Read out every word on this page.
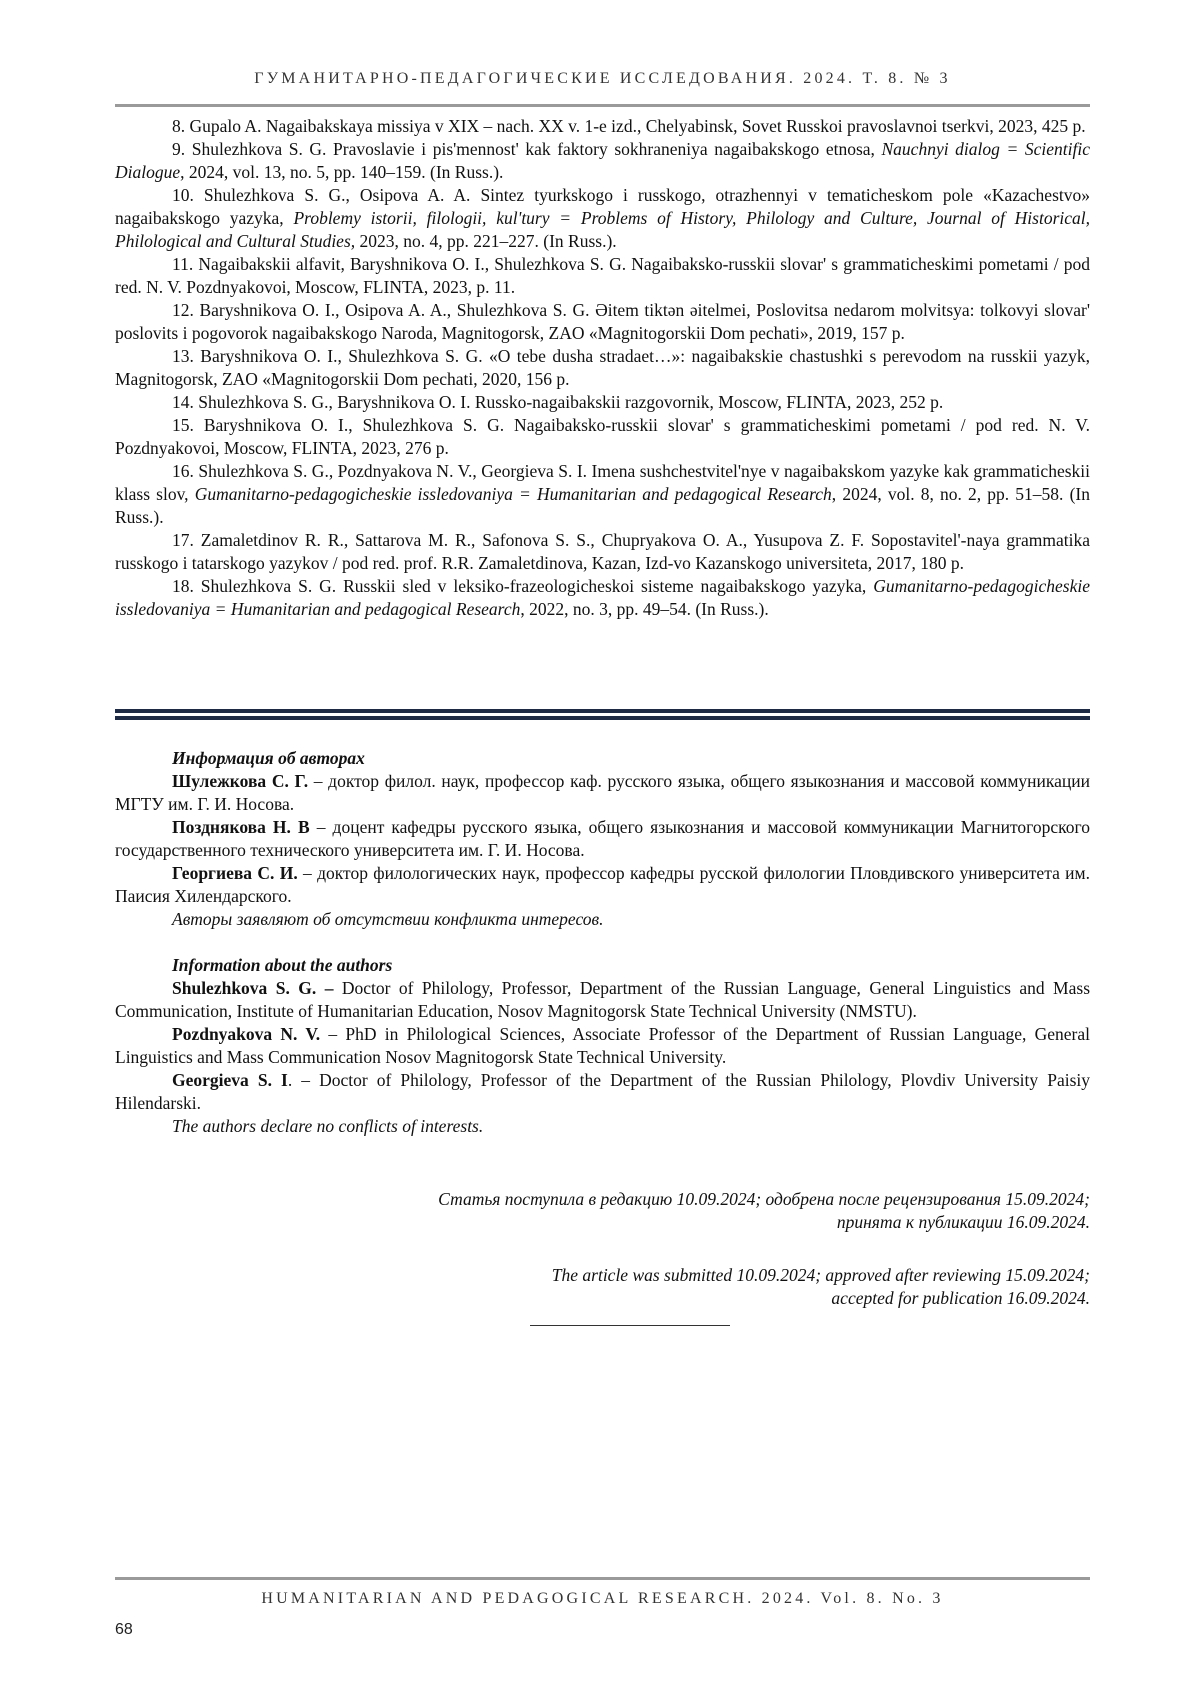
ГУМАНИТАРНО-ПЕДАГОГИЧЕСКИЕ ИССЛЕДОВАНИЯ. 2024. Т. 8. № 3

8. Gupalo A. Nagaibakskaya missiya v XIX – nach. XX v. 1-e izd., Chelyabinsk, Sovet Russkoi pravoslavnoi tserkvi, 2023, 425 p.

9. Shulezhkova S. G. Pravoslavie i pis'mennost' kak faktory sokhraneniya nagaibakskogo etnosa, Nauchnyi dialog = Scientific Dialogue, 2024, vol. 13, no. 5, pp. 140–159. (In Russ.).

10. Shulezhkova S. G., Osipova A. A. Sintez tyurkskogo i russkogo, otrazhennyi v tematicheskom pole «Kazachestvo» nagaibakskogo yazyka, Problemy istorii, filologii, kul'tury = Problems of History, Philology and Culture, Journal of Historical, Philological and Cultural Studies, 2023, no. 4, pp. 221–227. (In Russ.).

11. Nagaibakskii alfavit, Baryshnikova O. I., Shulezhkova S. G. Nagaibaksko-russkii slovar' s grammaticheskimi pometami / pod red. N. V. Pozdnyakovoi, Moscow, FLINTA, 2023, p. 11.

12. Baryshnikova O. I., Osipova A. A., Shulezhkova S. G. Əitem tiktən əitelmei, Poslovitsa nedarom molvitsya: tolkovyi slovar' poslovits i pogovorok nagaibakskogo Naroda, Magnitogorsk, ZAO «Magnitogorskii Dom pechati», 2019, 157 p.

13. Baryshnikova O. I., Shulezhkova S. G. «O tebe dusha stradaet…»: nagaibakskie chastushki s perevodom na russkii yazyk, Magnitogorsk, ZAO «Magnitogorskii Dom pechati, 2020, 156 p.

14. Shulezhkova S. G., Baryshnikova O. I. Russko-nagaibakskii razgovornik, Moscow, FLINTA, 2023, 252 p.

15. Baryshnikova O. I., Shulezhkova S. G. Nagaibaksko-russkii slovar' s grammaticheskimi pometami / pod red. N. V. Pozdnyakovoi, Moscow, FLINTA, 2023, 276 p.

16. Shulezhkova S. G., Pozdnyakova N. V., Georgieva S. I. Imena sushchestvitel'nye v nagaibakskom yazyke kak grammaticheskii klass slov, Gumanitarno-pedagogicheskie issledovaniya = Humanitarian and pedagogical Research, 2024, vol. 8, no. 2, pp. 51–58. (In Russ.).

17. Zamaletdinov R. R., Sattarova M. R., Safonova S. S., Chupryakova O. A., Yusupova Z. F. Sopostavitel'-naya grammatika russkogo i tatarskogo yazykov / pod red. prof. R.R. Zamaletdinova, Kazan, Izd-vo Kazanskogo universiteta, 2017, 180 p.

18. Shulezhkova S. G. Russkii sled v leksiko-frazeologicheskoi sisteme nagaibakskogo yazyka, Gumanitarno-pedagogicheskie issledovaniya = Humanitarian and pedagogical Research, 2022, no. 3, pp. 49–54. (In Russ.).

Информация об авторах

Шулежкова С. Г. – доктор филол. наук, профессор каф. русского языка, общего языкознания и массовой коммуникации МГТУ им. Г. И. Носова.

Позднякова Н. В – доцент кафедры русского языка, общего языкознания и массовой коммуникации Магнитогорского государственного технического университета им. Г. И. Носова.

Георгиева С. И. – доктор филологических наук, профессор кафедры русской филологии Пловдивского университета им. Паисия Хилендарского.

Авторы заявляют об отсутствии конфликта интересов.

Information about the authors

Shulezhkova S. G. – Doctor of Philology, Professor, Department of the Russian Language, General Linguistics and Mass Communication, Institute of Humanitarian Education, Nosov Magnitogorsk State Technical University (NMSTU).

Pozdnyakova N. V. – PhD in Philological Sciences, Associate Professor of the Department of Russian Language, General Linguistics and Mass Communication Nosov Magnitogorsk State Technical University.

Georgieva S. I. – Doctor of Philology, Professor of the Department of the Russian Philology, Plovdiv University Paisiy Hilendarski.

The authors declare no conflicts of interests.

Статья поступила в редакцию 10.09.2024; одобрена после рецензирования 15.09.2024;
принята к публикации 16.09.2024.
The article was submitted 10.09.2024; approved after reviewing 15.09.2024;
accepted for publication 16.09.2024.
HUMANITARIAN AND PEDAGOGICAL RESEARCH. 2024. Vol. 8. No. 3
68
